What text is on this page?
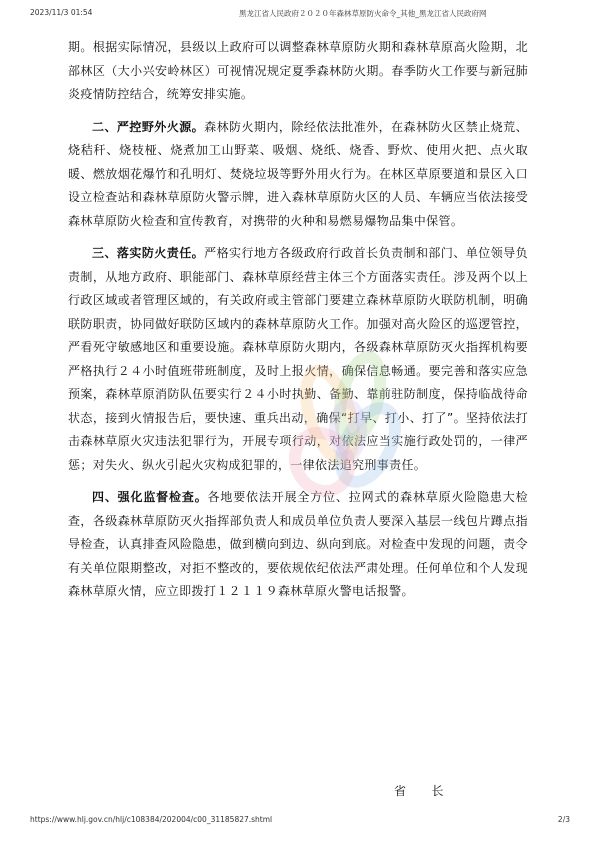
2023/11/3 01:54	黑龙江省人民政府２０２０年森林草原防火命令_其他_黑龙江省人民政府网

期。根据实际情况，县级以上政府可以调整森林草原防火期和森林草原高火险期，北部林区（大小兴安岭林区）可视情况规定夏季森林防火期。春季防火工作要与新冠肺炎疫情防控结合，统筹安排实施。

二、严控野外火源。森林防火期内，除经依法批准外，在森林防火区禁止烧荒、烧秸秆、烧枝桠、烧煮加工山野菜、吸烟、烧纸、烧香、野炊、使用火把、点火取暖、燃放烟花爆竹和孔明灯、焚烧垃圾等野外用火行为。在林区草原要道和景区入口设立检查站和森林草原防火警示牌，进入森林草原防火区的人员、车辆应当依法接受森林草原防火检查和宣传教育，对携带的火种和易燃易爆物品集中保管。

三、落实防火责任。严格实行地方各级政府行政首长负责制和部门、单位领导负责制，从地方政府、职能部门、森林草原经营主体三个方面落实责任。涉及两个以上行政区域或者管理区域的，有关政府或主管部门要建立森林草原防火联防机制，明确联防职责，协同做好联防区域内的森林草原防火工作。加强对高火险区的巡逻管控，严看死守敏感地区和重要设施。森林草原防火期内，各级森林草原防灭火指挥机构要严格执行２４小时值班带班制度，及时上报火情，确保信息畅通。要完善和落实应急预案，森林草原消防队伍要实行２４小时执勤、备勤、靠前驻防制度，保持临战待命状态，接到火情报告后，要快速、重兵出动，确保“打早、打小、打了”。坚持依法打击森林草原火灾违法犯罪行为，开展专项行动，对依法应当实施行政处罚的，一律严惩；对失火、纵火引起火灾构成犯罪的，一律依法追究刑事责任。

四、强化监督检查。各地要依法开展全方位、拉网式的森林草原火险隐患大检查，各级森林草原防灭火指挥部负责人和成员单位负责人要深入基层一线包片蹲点指导检查，认真排查风险隐患，做到横向到边、纵向到底。对检查中发现的问题，责令有关单位限期整改，对拒不整改的，要依规依纪依法严肃处理。任何单位和个人发现森林草原火情，应立即拨打１２１１９森林草原火警电话报警。

省　　长
https://www.hlj.gov.cn/hlj/c108384/202004/c00_31185827.shtml	2/3
